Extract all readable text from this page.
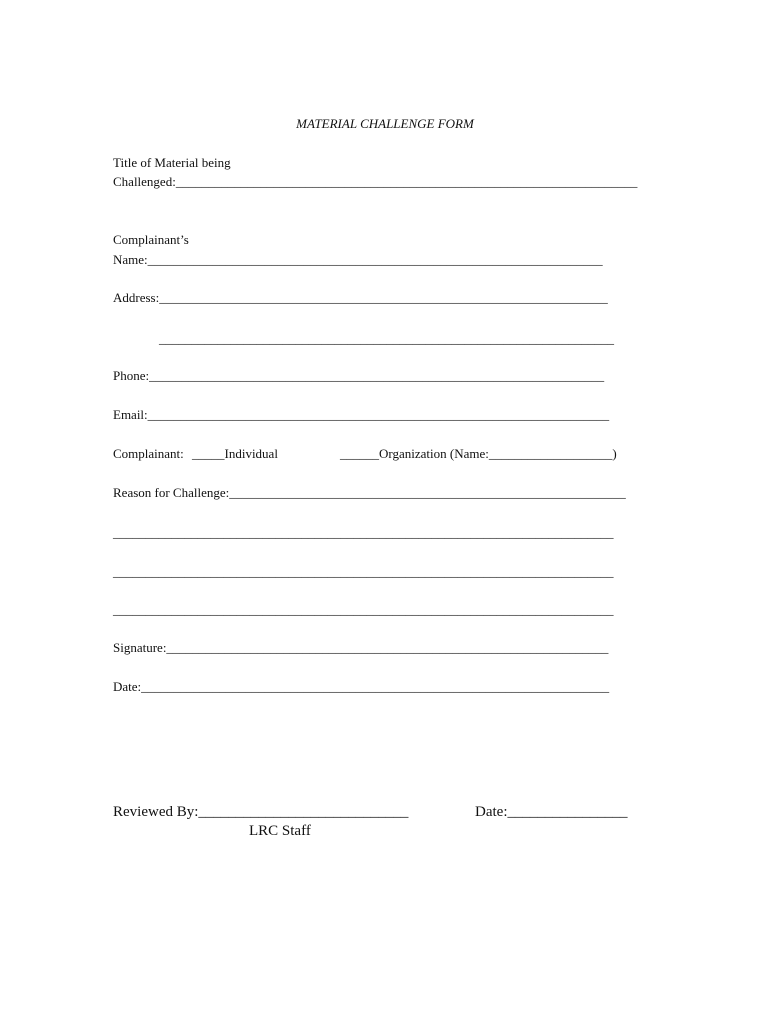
MATERIAL CHALLENGE FORM
Title of Material being
Challenged:_______________________________________________________________________
Complainant’s
Name:______________________________________________________________________
Address:_____________________________________________________________________
______________________________________________________________________
Phone:______________________________________________________________________
Email:_______________________________________________________________________
Complainant: _____Individual	______Organization (Name:___________________)
Reason for Challenge:_____________________________________________________________
_____________________________________________________________________________
_____________________________________________________________________________
_____________________________________________________________________________
Signature:____________________________________________________________________
Date:________________________________________________________________________
Reviewed By:____________________________
LRC Staff
Date:________________
